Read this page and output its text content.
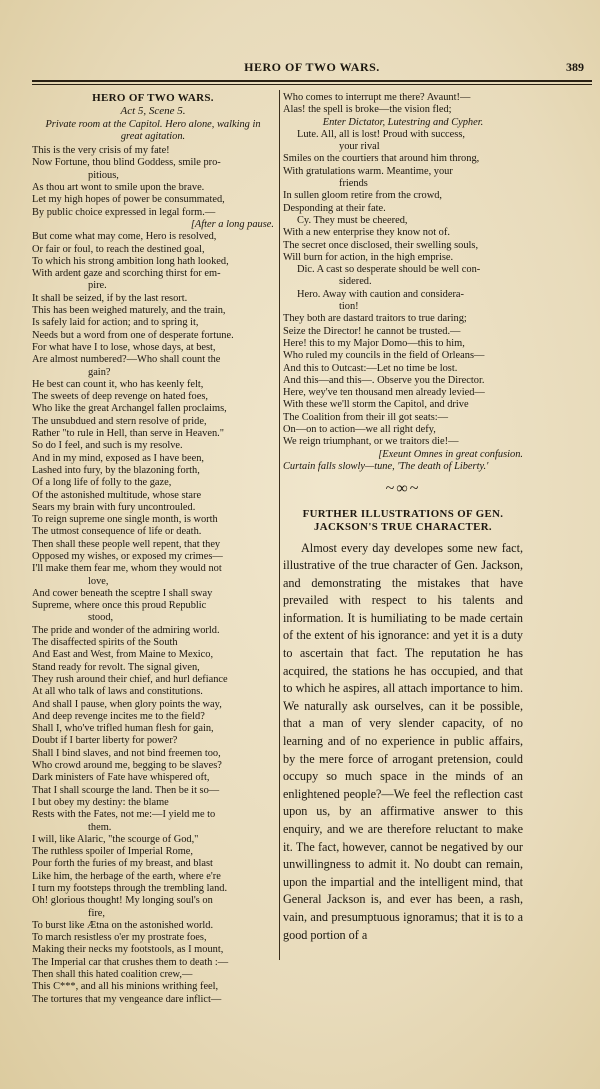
HERO OF TWO WARS.	389
HERO OF TWO WARS.
Act 5, Scene 5.
Private room at the Capitol. Hero alone, walking in great agitation.
This is the very crisis of my fate!
Now Fortune, thou blind Goddess, smile pro-
pitious,
As thou art wont to smile upon the brave.
Let my high hopes of power be consummated,
By public choice expressed in legal form.—
[After a long pause.
But come what may come, Hero is resolved,
Or fair or foul, to reach the destined goal,
To which his strong ambition long hath looked,
With ardent gaze and scorching thirst for em-
pire.
It shall be seized, if by the last resort.
This has been weighed maturely, and the train,
Is safely laid for action; and to spring it,
Needs but a word from one of desperate fortune.
For what have I to lose, whose days, at best,
Are almost numbered?—Who shall count the
gain?
He best can count it, who has keenly felt,
The sweets of deep revenge on hated foes,
Who like the great Archangel fallen proclaims,
The unsubdued and stern resolve of pride,
Rather "to rule in Hell, than serve in Heaven."
So do I feel, and such is my resolve.
And in my mind, exposed as I have been,
Lashed into fury, by the blazoning forth,
Of a long life of folly to the gaze,
Of the astonished multitude, whose stare
Sears my brain with fury uncontrouled.
To reign supreme one single month, is worth
The utmost consequence of life or death.
Then shall these people well repent, that they
Opposed my wishes, or exposed my crimes—
I'll make them fear me, whom they would not
love,
And cower beneath the sceptre I shall sway
Supreme, where once this proud Republic
stood,
The pride and wonder of the admiring world.
The disaffected spirits of the South
And East and West, from Maine to Mexico,
Stand ready for revolt. The signal given,
They rush around their chief, and hurl defiance
At all who talk of laws and constitutions.
And shall I pause, when glory points the way,
And deep revenge incites me to the field?
Shall I, who've trifled human flesh for gain,
Doubt if I barter liberty for power?
Shall I bind slaves, and not bind freemen too,
Who crowd around me, begging to be slaves?
Dark ministers of Fate have whispered oft,
That I shall scourge the land. Then be it so—
I but obey my destiny: the blame
Rests with the Fates, not me:—I yield me to
them.
I will, like Alaric, "the scourge of God,"
The ruthless spoiler of Imperial Rome,
Pour forth the furies of my breast, and blast
Like him, the herbage of the earth, where e're
I turn my footsteps through the trembling land.
Oh! glorious thought! My longing soul's on
fire,
To burst like Ætna on the astonished world.
To march resistless o'er my prostrate foes,
Making their necks my footstools, as I mount,
The Imperial car that crushes them to death :—
Then shall this hated coalition crew,—
This C***, and all his minions writhing feel,
The tortures that my vengeance dare inflict—
Who comes to interrupt me there? Avaunt!—
Alas! the spell is broke—the vision fled;
Enter Dictator, Lutestring and Cypher.
Lute. All, all is lost! Proud with success,
your rival
Smiles on the courtiers that around him throng,
With gratulations warm. Meantime, your
friends
In sullen gloom retire from the crowd,
Desponding at their fate.
Cy. They must be cheered,
With a new enterprise they know not of.
The secret once disclosed, their swelling souls,
Will burn for action, in the high emprise.
Dic. A cast so desperate should be well con-
sidered.
Hero. Away with caution and considera-
tion!
They both are dastard traitors to true daring;
Seize the Director! he cannot be trusted.—
Here! this to my Major Domo—this to him,
Who ruled my councils in the field of Orleans—
And this to Outcast:—Let no time be lost.
And this—and this—. Observe you the Director.
Here, wey've ten thousand men already levied—
With these we'll storm the Capitol, and drive
The Coalition from their ill got seats:—
On—on to action—we all right defy,
We reign triumphant, or we traitors die!—
[Exeunt Omnes in great confusion.
Curtain falls slowly—tune, 'The death of Liberty.'
~∞~
FURTHER ILLUSTRATIONS OF GEN.
JACKSON'S TRUE CHARACTER.

Almost every day developes some new fact, illustrative of the true character of Gen. Jackson, and demonstrating the mistakes that have prevailed with respect to his talents and information. It is humiliating to be made certain of the extent of his ignorance: and yet it is a duty to ascertain that fact. The reputation he has acquired, the stations he has occupied, and that to which he aspires, all attach importance to him. We naturally ask ourselves, can it be possible, that a man of very slender capacity, of no learning and of no experience in public affairs, by the mere force of arrogant pretension, could occupy so much space in the minds of an enlightened people?—We feel the reflection cast upon us, by an affirmative answer to this enquiry, and we are therefore reluctant to make it. The fact, however, cannot be negatived by our unwillingness to admit it. No doubt can remain, upon the impartial and the intelligent mind, that General Jackson is, and ever has been, a rash, vain, and presumptuous ignoramus; that it is to a good portion of a
